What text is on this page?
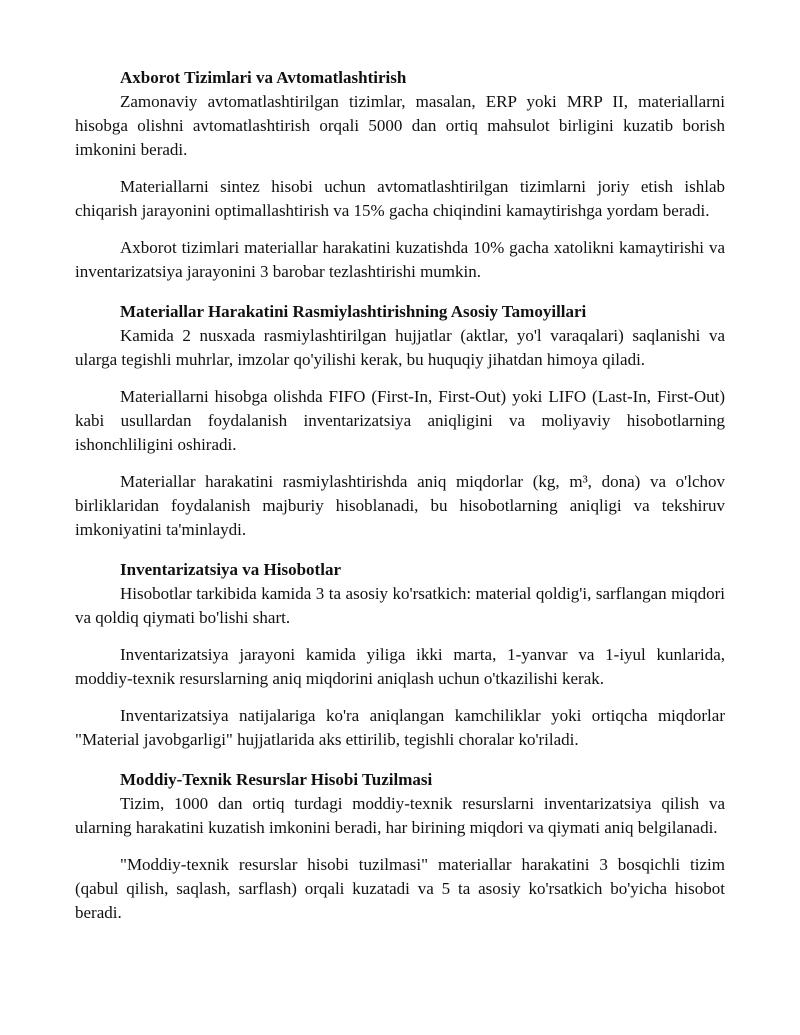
Axborot Tizimlari va Avtomatlashtirish

Zamonaviy avtomatlashtirilgan tizimlar, masalan, ERP yoki MRP II, materiallarni hisobga olishni avtomatlashtirish orqali 5000 dan ortiq mahsulot birligini kuzatib borish imkonini beradi.

Materiallarni sintez hisobi uchun avtomatlashtirilgan tizimlarni joriy etish ishlab chiqarish jarayonini optimallashtirish va 15% gacha chiqindini kamaytirishga yordam beradi.

Axborot tizimlari materiallar harakatini kuzatishda 10% gacha xatolikni kamaytirishi va inventarizatsiya jarayonini 3 barobar tezlashtirishi mumkin.

Materiallar Harakatini Rasmiylashtirishning Asosiy Tamoyillari

Kamida 2 nusxada rasmiylashtirilgan hujjatlar (aktlar, yo'l varaqalari) saqlanishi va ularga tegishli muhrlar, imzolar qo'yilishi kerak, bu huquqiy jihatdan himoya qiladi.

Materiallarni hisobga olishda FIFO (First-In, First-Out) yoki LIFO (Last-In, First-Out) kabi usullardan foydalanish inventarizatsiya aniqligini va moliyaviy hisobotlarning ishonchliligini oshiradi.

Materiallar harakatini rasmiylashtirishda aniq miqdorlar (kg, m³, dona) va o'lchov birliklaridan foydalanish majburiy hisoblanadi, bu hisobotlarning aniqligi va tekshiruv imkoniyatini ta'minlaydi.

Inventarizatsiya va Hisobotlar

Hisobotlar tarkibida kamida 3 ta asosiy ko'rsatkich: material qoldig'i, sarflangan miqdori va qoldiq qiymati bo'lishi shart.

Inventarizatsiya jarayoni kamida yiliga ikki marta, 1-yanvar va 1-iyul kunlarida, moddiy-texnik resurslarning aniq miqdorini aniqlash uchun o'tkazilishi kerak.

Inventarizatsiya natijalariga ko'ra aniqlangan kamchiliklar yoki ortiqcha miqdorlar "Material javobgarligi" hujjatlarida aks ettirilib, tegishli choralar ko'riladi.

Moddiy-Texnik Resurslar Hisobi Tuzilmasi

Tizim, 1000 dan ortiq turdagi moddiy-texnik resurslarni inventarizatsiya qilish va ularning harakatini kuzatish imkonini beradi, har birining miqdori va qiymati aniq belgilanadi.

"Moddiy-texnik resurslar hisobi tuzilmasi" materiallar harakatini 3 bosqichli tizim (qabul qilish, saqlash, sarflash) orqali kuzatadi va 5 ta asosiy ko'rsatkich bo'yicha hisobot beradi.
